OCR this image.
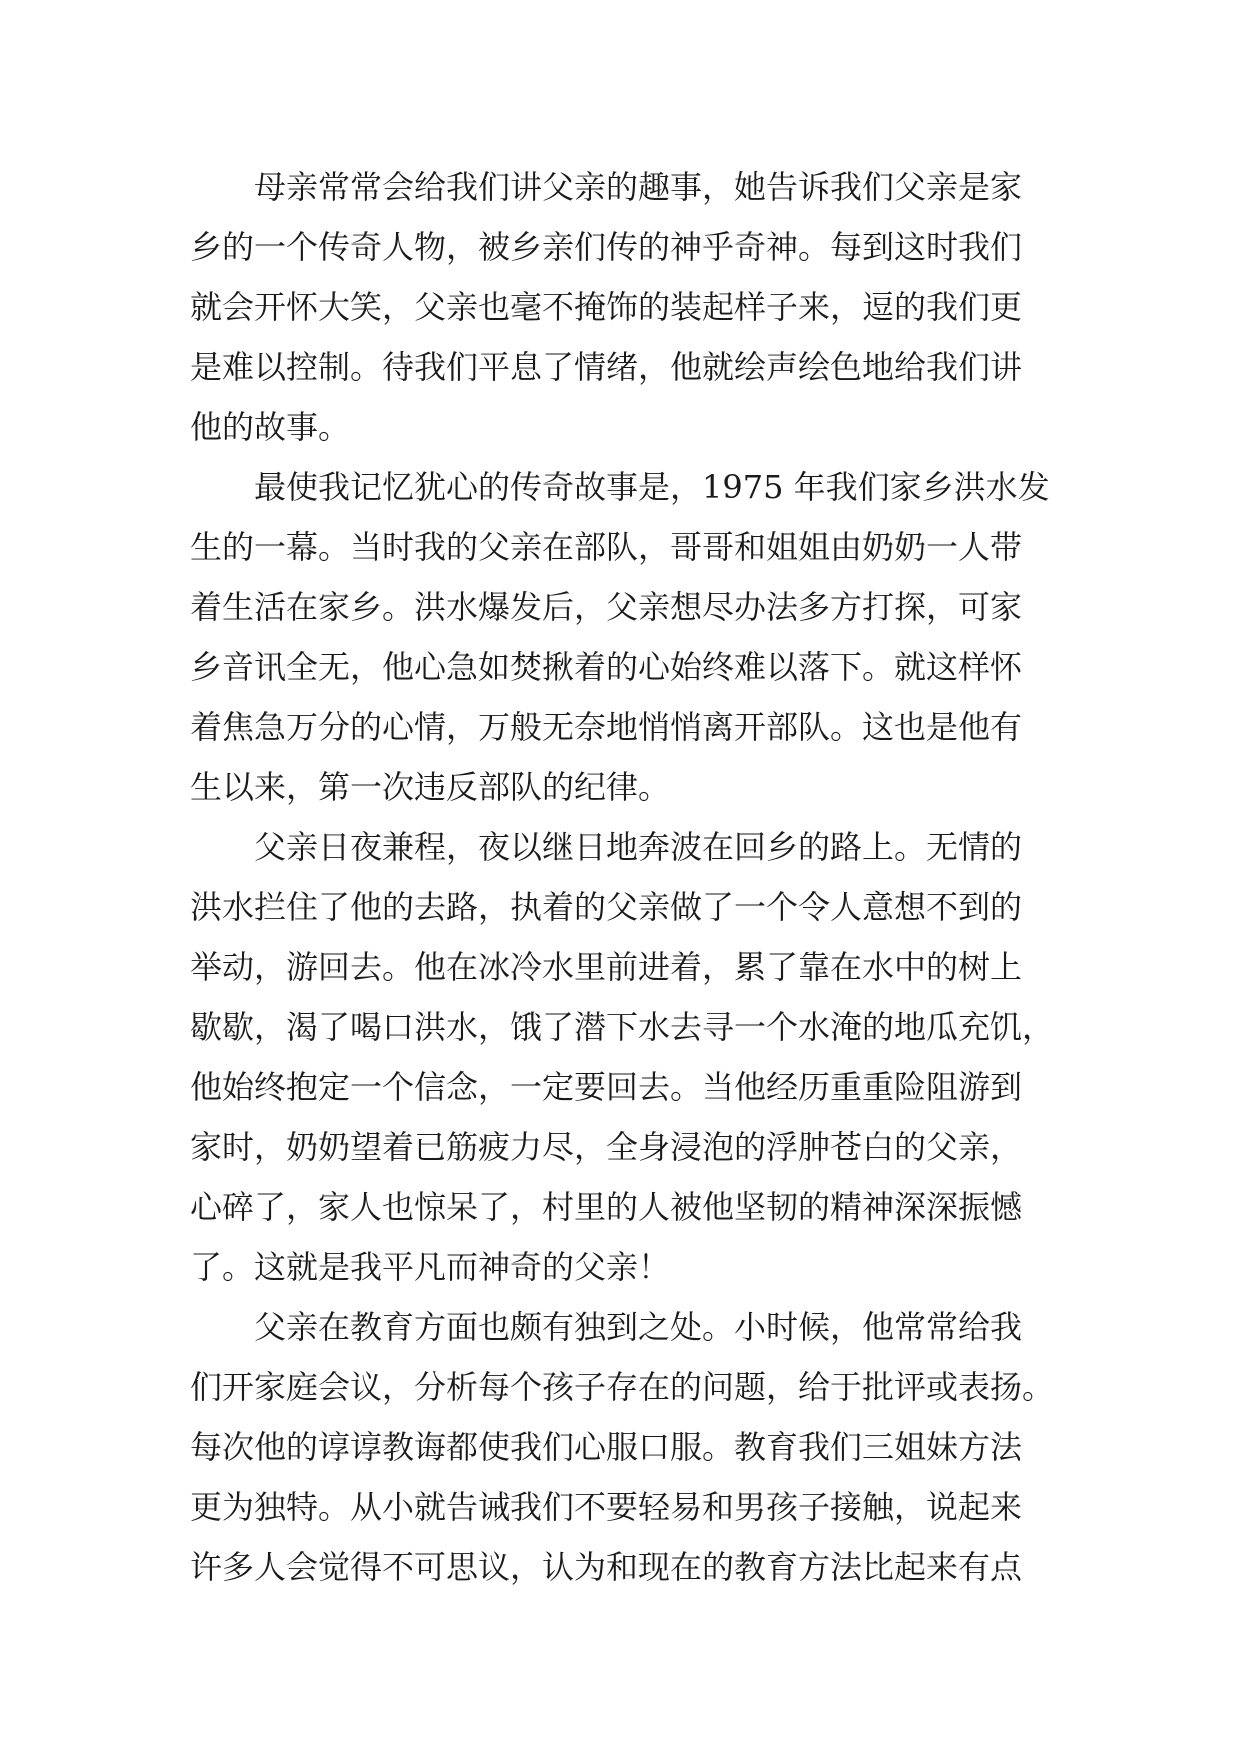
母亲常常会给我们讲父亲的趣事，她告诉我们父亲是家
乡的一个传奇人物，被乡亲们传的神乎奇神。每到这时我们
就会开怀大笑，父亲也毫不掩饰的装起样子来，逗的我们更
是难以控制。待我们平息了情绪，他就绘声绘色地给我们讲
他的故事。
最使我记忆犹心的传奇故事是，1975 年我们家乡洪水发
生的一幕。当时我的父亲在部队，哥哥和姐姐由奶奶一人带
着生活在家乡。洪水爆发后，父亲想尽办法多方打探，可家
乡音讯全无，他心急如焚揪着的心始终难以落下。就这样怀
着焦急万分的心情，万般无奈地悄悄离开部队。这也是他有
生以来，第一次违反部队的纪律。
父亲日夜兼程，夜以继日地奔波在回乡的路上。无情的
洪水拦住了他的去路，执着的父亲做了一个令人意想不到的
举动，游回去。他在冰冷水里前进着，累了靠在水中的树上
歇歇，渴了喝口洪水，饿了潜下水去寻一个水淹的地瓜充饥，
他始终抱定一个信念，一定要回去。当他经历重重险阻游到
家时，奶奶望着已筋疲力尽，全身浸泡的浮肿苍白的父亲，
心碎了，家人也惊呆了，村里的人被他坚韧的精神深深振憾
了。这就是我平凡而神奇的父亲！
父亲在教育方面也颇有独到之处。小时候，他常常给我
们开家庭会议，分析每个孩子存在的问题，给于批评或表扬。
每次他的谆谆教诲都使我们心服口服。教育我们三姐妹方法
更为独特。从小就告诫我们不要轻易和男孩子接触，说起来
许多人会觉得不可思议，认为和现在的教育方法比起来有点
